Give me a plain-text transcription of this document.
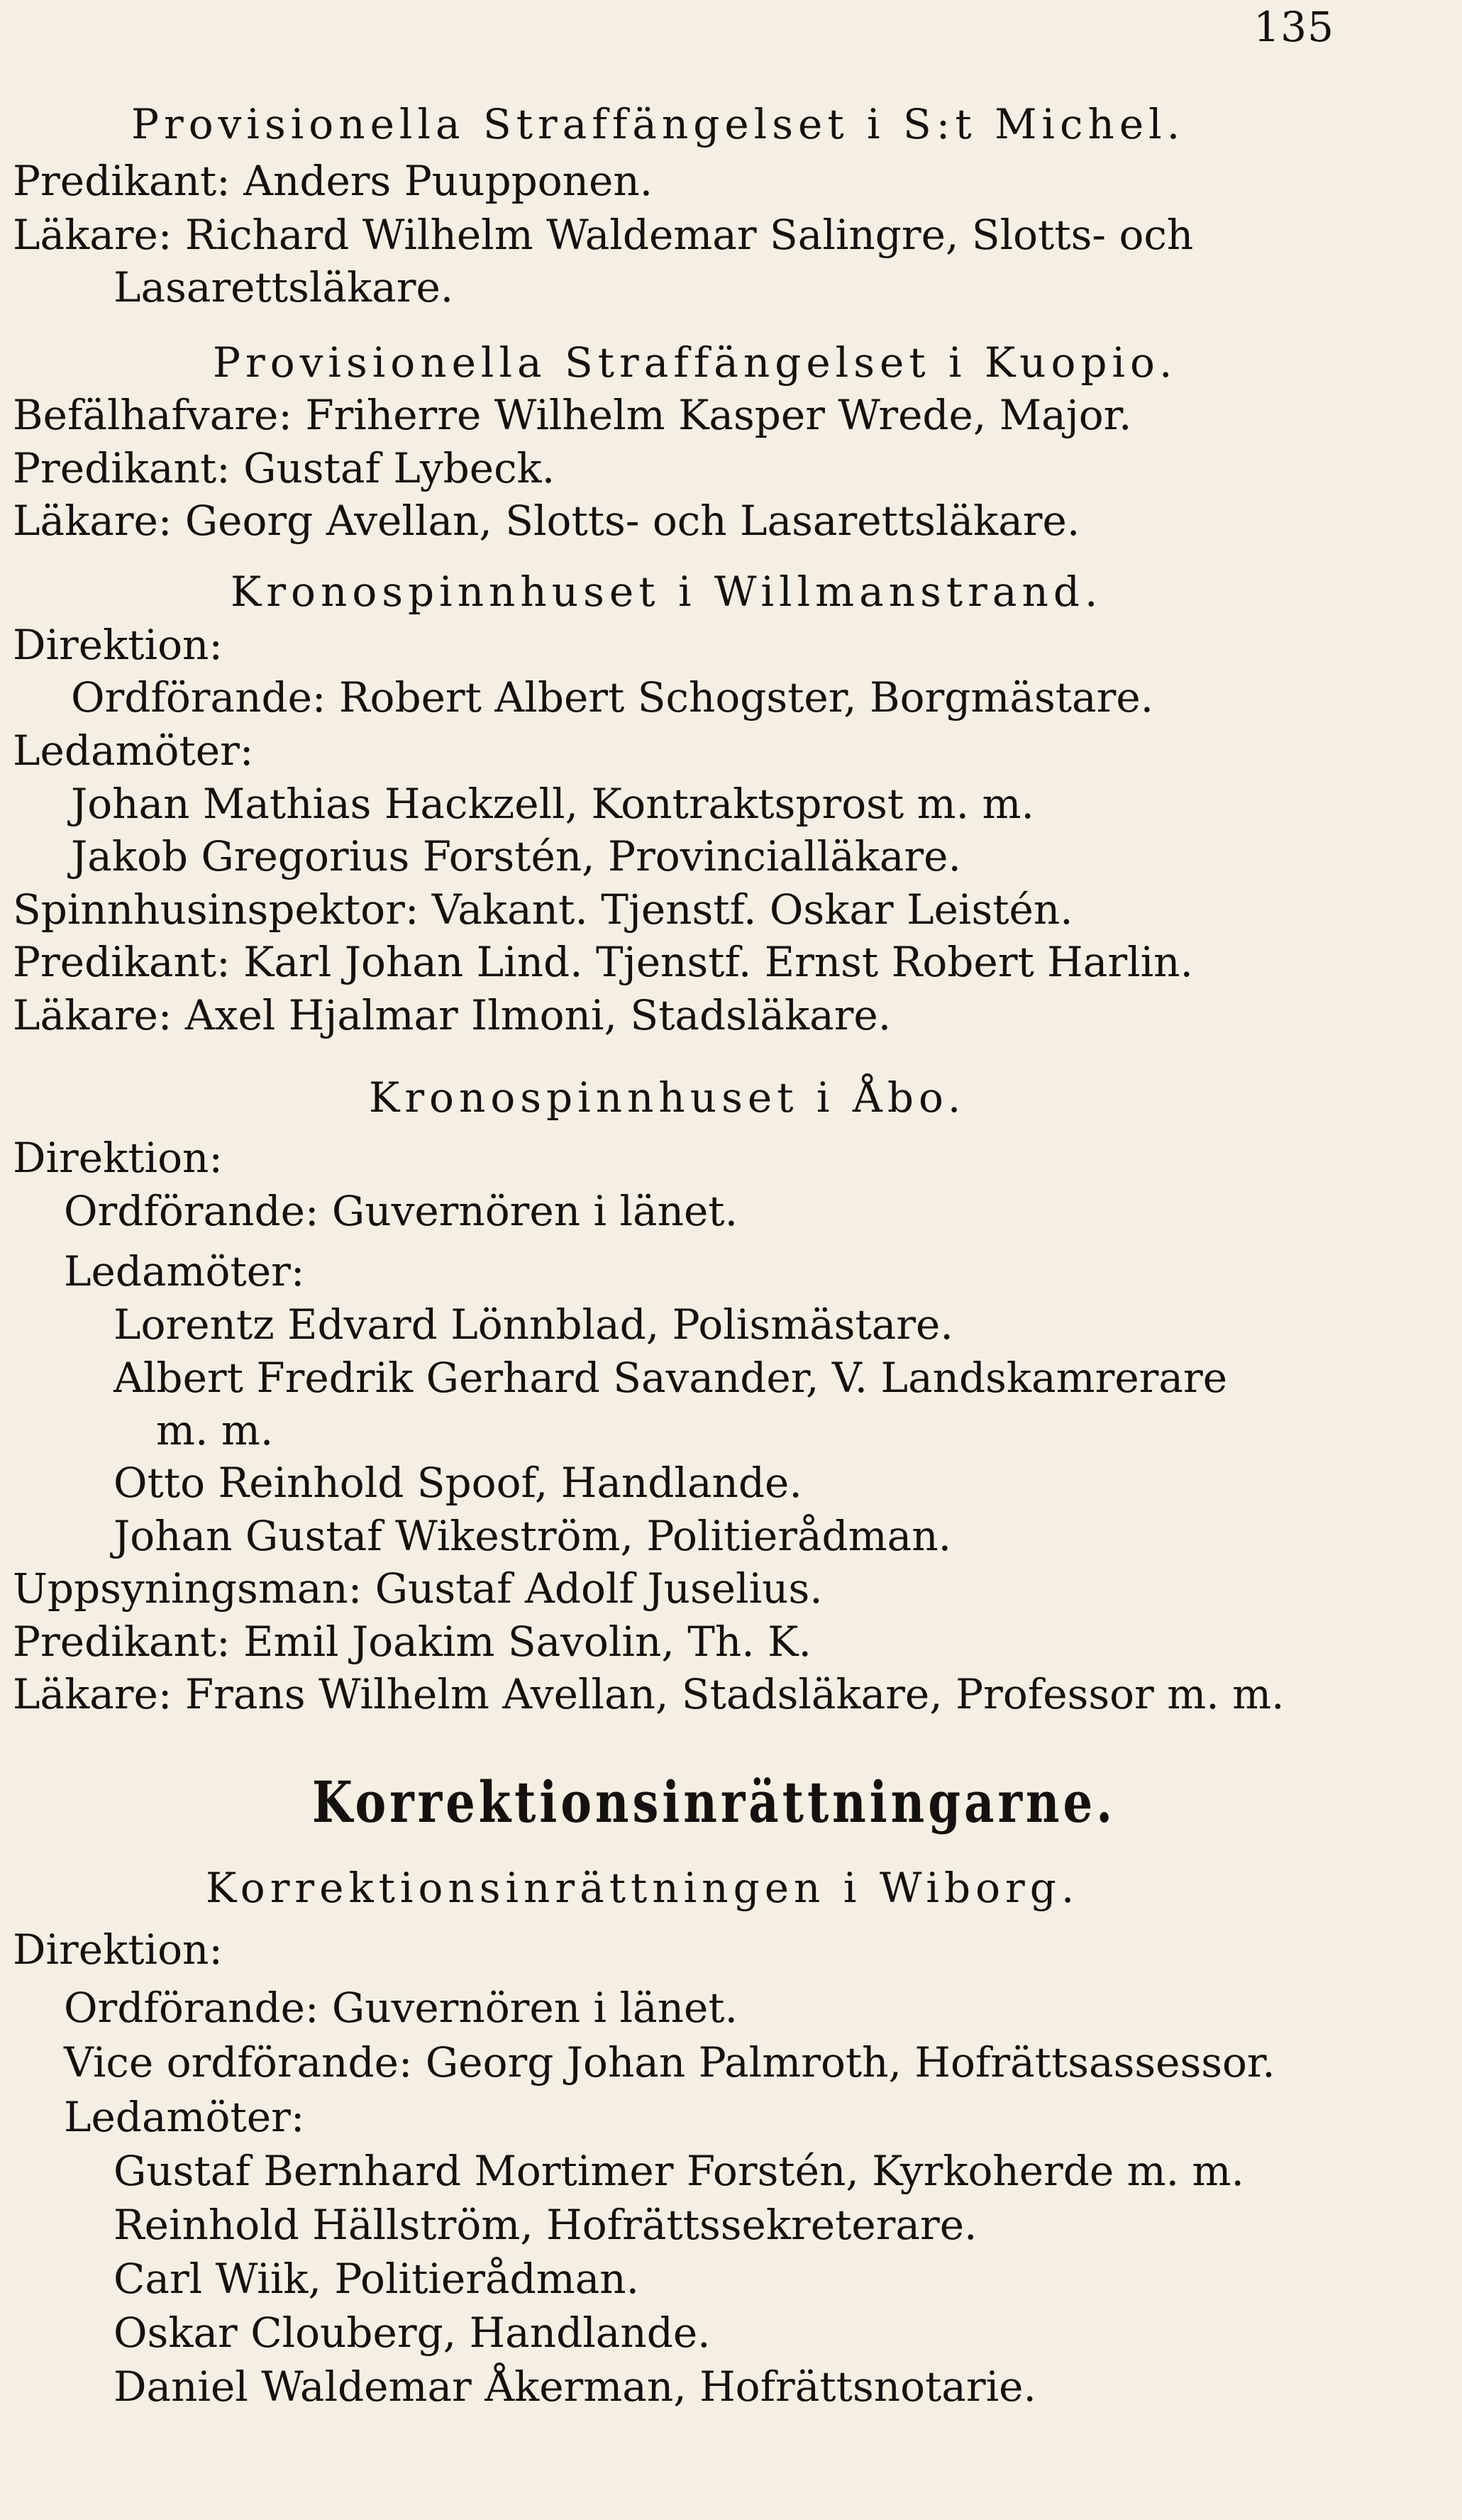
135
Provisionella Straffängelset i S:t Michel.
Predikant: Anders Puupponen.
Läkare: Richard Wilhelm Waldemar Salingre, Slotts- och
Lasarettsläkare.
Provisionella Straffängelset i Kuopio.
Befälhafvare: Friherre Wilhelm Kasper Wrede, Major.
Predikant: Gustaf Lybeck.
Läkare: Georg Avellan, Slotts- och Lasarettsläkare.
Kronospinnhuset i Willmanstrand.
Direktion:
Ordförande: Robert Albert Schogster, Borgmästare.
Ledamöter:
Johan Mathias Hackzell, Kontraktsprost m. m.
Jakob Gregorius Forstén, Provincialläkare.
Spinnhusinspektor: Vakant. Tjenstf. Oskar Leistén.
Predikant: Karl Johan Lind. Tjenstf. Ernst Robert Harlin.
Läkare: Axel Hjalmar Ilmoni, Stadsläkare.
Kronospinnhuset i Åbo.
Direktion:
Ordförande: Guvernören i länet.
Ledamöter:
Lorentz Edvard Lönnblad, Polismästare.
Albert Fredrik Gerhard Savander, V. Landskamrerare
m. m.
Otto Reinhold Spoof, Handlande.
Johan Gustaf Wikeström, Politierådman.
Uppsyningsman: Gustaf Adolf Juselius.
Predikant: Emil Joakim Savolin, Th. K.
Läkare: Frans Wilhelm Avellan, Stadsläkare, Professor m. m.
Korrektionsinrättningarne.
Korrektionsinrättningen i Wiborg.
Direktion:
Ordförande: Guvernören i länet.
Vice ordförande: Georg Johan Palmroth, Hofrättsassessor.
Ledamöter:
Gustaf Bernhard Mortimer Forstén, Kyrkoherde m. m.
Reinhold Hällström, Hofrättssekreterare.
Carl Wiik, Politierådman.
Oskar Clouberg, Handlande.
Daniel Waldemar Åkerman, Hofrättsnotarie.
